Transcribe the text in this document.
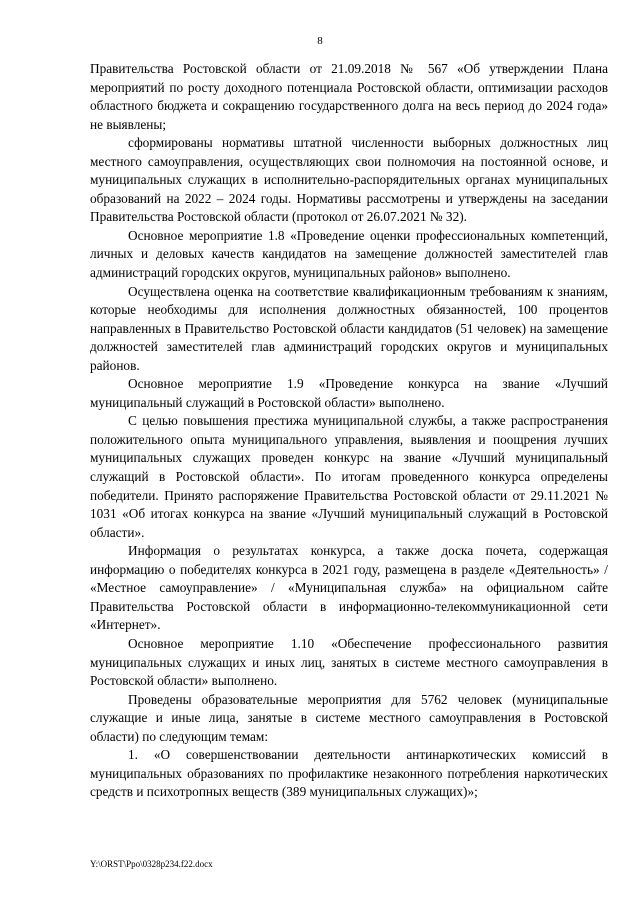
8

Правительства Ростовской области от 21.09.2018 № 567 «Об утверждении Плана мероприятий по росту доходного потенциала Ростовской области, оптимизации расходов областного бюджета и сокращению государственного долга на весь период до 2024 года» не выявлены;

сформированы нормативы штатной численности выборных должностных лиц местного самоуправления, осуществляющих свои полномочия на постоянной основе, и муниципальных служащих в исполнительно-распорядительных органах муниципальных образований на 2022 – 2024 годы. Нормативы рассмотрены и утверждены на заседании Правительства Ростовской области (протокол от 26.07.2021 № 32).

Основное мероприятие 1.8 «Проведение оценки профессиональных компетенций, личных и деловых качеств кандидатов на замещение должностей заместителей глав администраций городских округов, муниципальных районов» выполнено.

Осуществлена оценка на соответствие квалификационным требованиям к знаниям, которые необходимы для исполнения должностных обязанностей, 100 процентов направленных в Правительство Ростовской области кандидатов (51 человек) на замещение должностей заместителей глав администраций городских округов и муниципальных районов.

Основное мероприятие 1.9 «Проведение конкурса на звание «Лучший муниципальный служащий в Ростовской области» выполнено.

С целью повышения престижа муниципальной службы, а также распространения положительного опыта муниципального управления, выявления и поощрения лучших муниципальных служащих проведен конкурс на звание «Лучший муниципальный служащий в Ростовской области». По итогам проведенного конкурса определены победители. Принято распоряжение Правительства Ростовской области от 29.11.2021 № 1031 «Об итогах конкурса на звание «Лучший муниципальный служащий в Ростовской области».

Информация о результатах конкурса, а также доска почета, содержащая информацию о победителях конкурса в 2021 году, размещена в разделе «Деятельность» / «Местное самоуправление» / «Муниципальная служба» на официальном сайте Правительства Ростовской области в информационно-телекоммуникационной сети «Интернет».

Основное мероприятие 1.10 «Обеспечение профессионального развития муниципальных служащих и иных лиц, занятых в системе местного самоуправления в Ростовской области» выполнено.

Проведены образовательные мероприятия для 5762 человек (муниципальные служащие и иные лица, занятые в системе местного самоуправления в Ростовской области) по следующим темам:

1. «О совершенствовании деятельности антинаркотических комиссий в муниципальных образованиях по профилактике незаконного потребления наркотических средств и психотропных веществ (389 муниципальных служащих)»;

Y:\ORST\Ppo\0328p234.f22.docx
